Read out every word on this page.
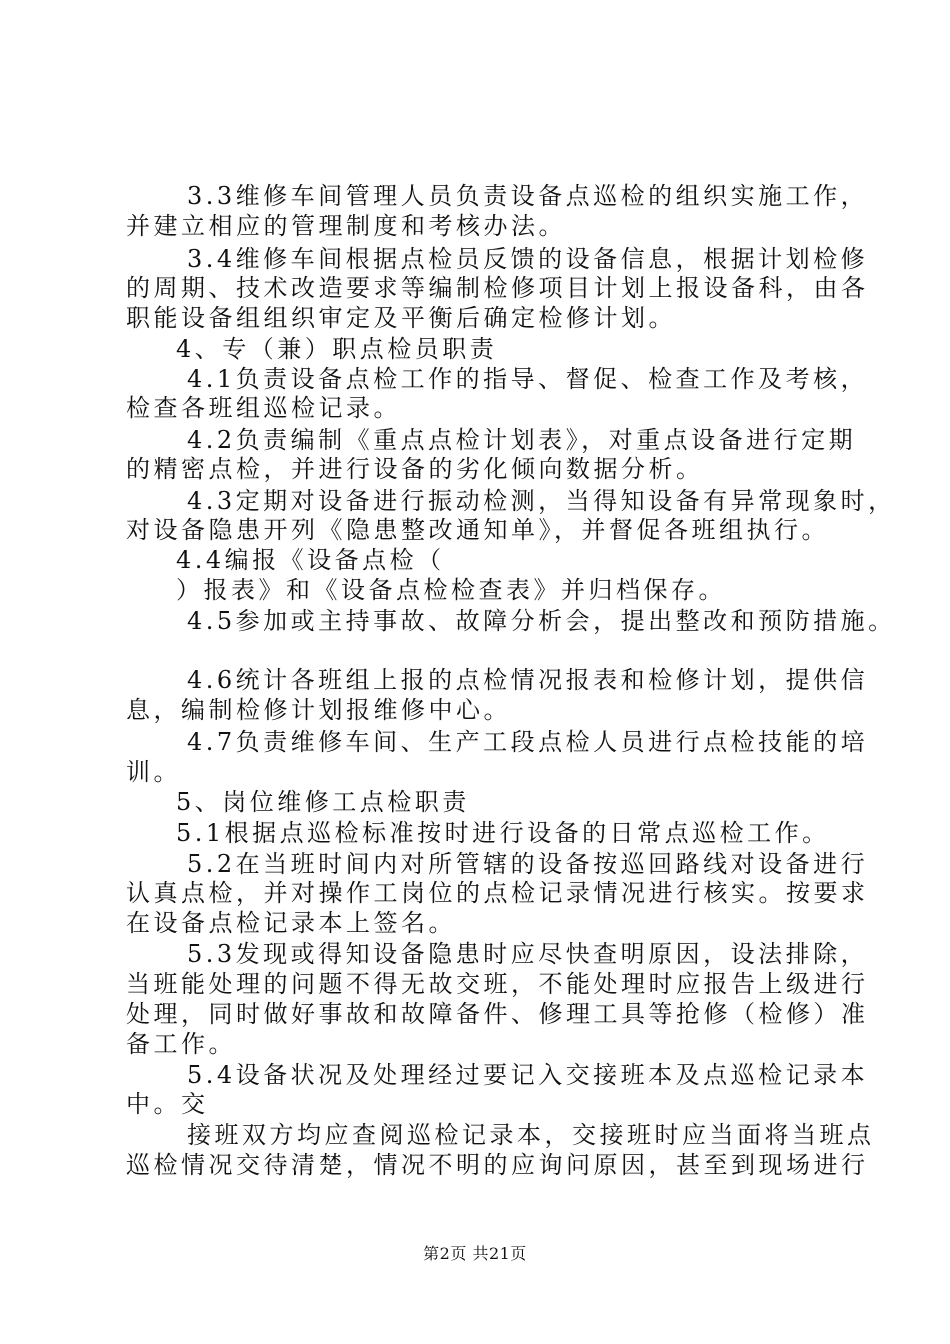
3.3维修车间管理人员负责设备点巡检的组织实施工作，
并建立相应的管理制度和考核办法。
3.4维修车间根据点检员反馈的设备信息，根据计划检修
的周期、技术改造要求等编制检修项目计划上报设备科，由各
职能设备组组织审定及平衡后确定检修计划。
4、专（兼）职点检员职责
4.1负责设备点检工作的指导、督促、检查工作及考核，
检查各班组巡检记录。
4.2负责编制《重点点检计划表》，对重点设备进行定期
的精密点检，并进行设备的劣化倾向数据分析。
4.3定期对设备进行振动检测，当得知设备有异常现象时，
对设备隐患开列《隐患整改通知单》，并督促各班组执行。
4.4编报《设备点检（
）报表》和《设备点检检查表》并归档保存。
4.5参加或主持事故、故障分析会，提出整改和预防措施。
4.6统计各班组上报的点检情况报表和检修计划，提供信
息，编制检修计划报维修中心。
4.7负责维修车间、生产工段点检人员进行点检技能的培
训。
5、岗位维修工点检职责
5.1根据点巡检标准按时进行设备的日常点巡检工作。
5.2在当班时间内对所管辖的设备按巡回路线对设备进行
认真点检，并对操作工岗位的点检记录情况进行核实。按要求
在设备点检记录本上签名。
5.3发现或得知设备隐患时应尽快查明原因，设法排除，
当班能处理的问题不得无故交班，不能处理时应报告上级进行
处理，同时做好事故和故障备件、修理工具等抢修（检修）准
备工作。
5.4设备状况及处理经过要记入交接班本及点巡检记录本
中。交
接班双方均应查阅巡检记录本，交接班时应当面将当班点
巡检情况交待清楚，情况不明的应询问原因，甚至到现场进行
第2页 共21页
